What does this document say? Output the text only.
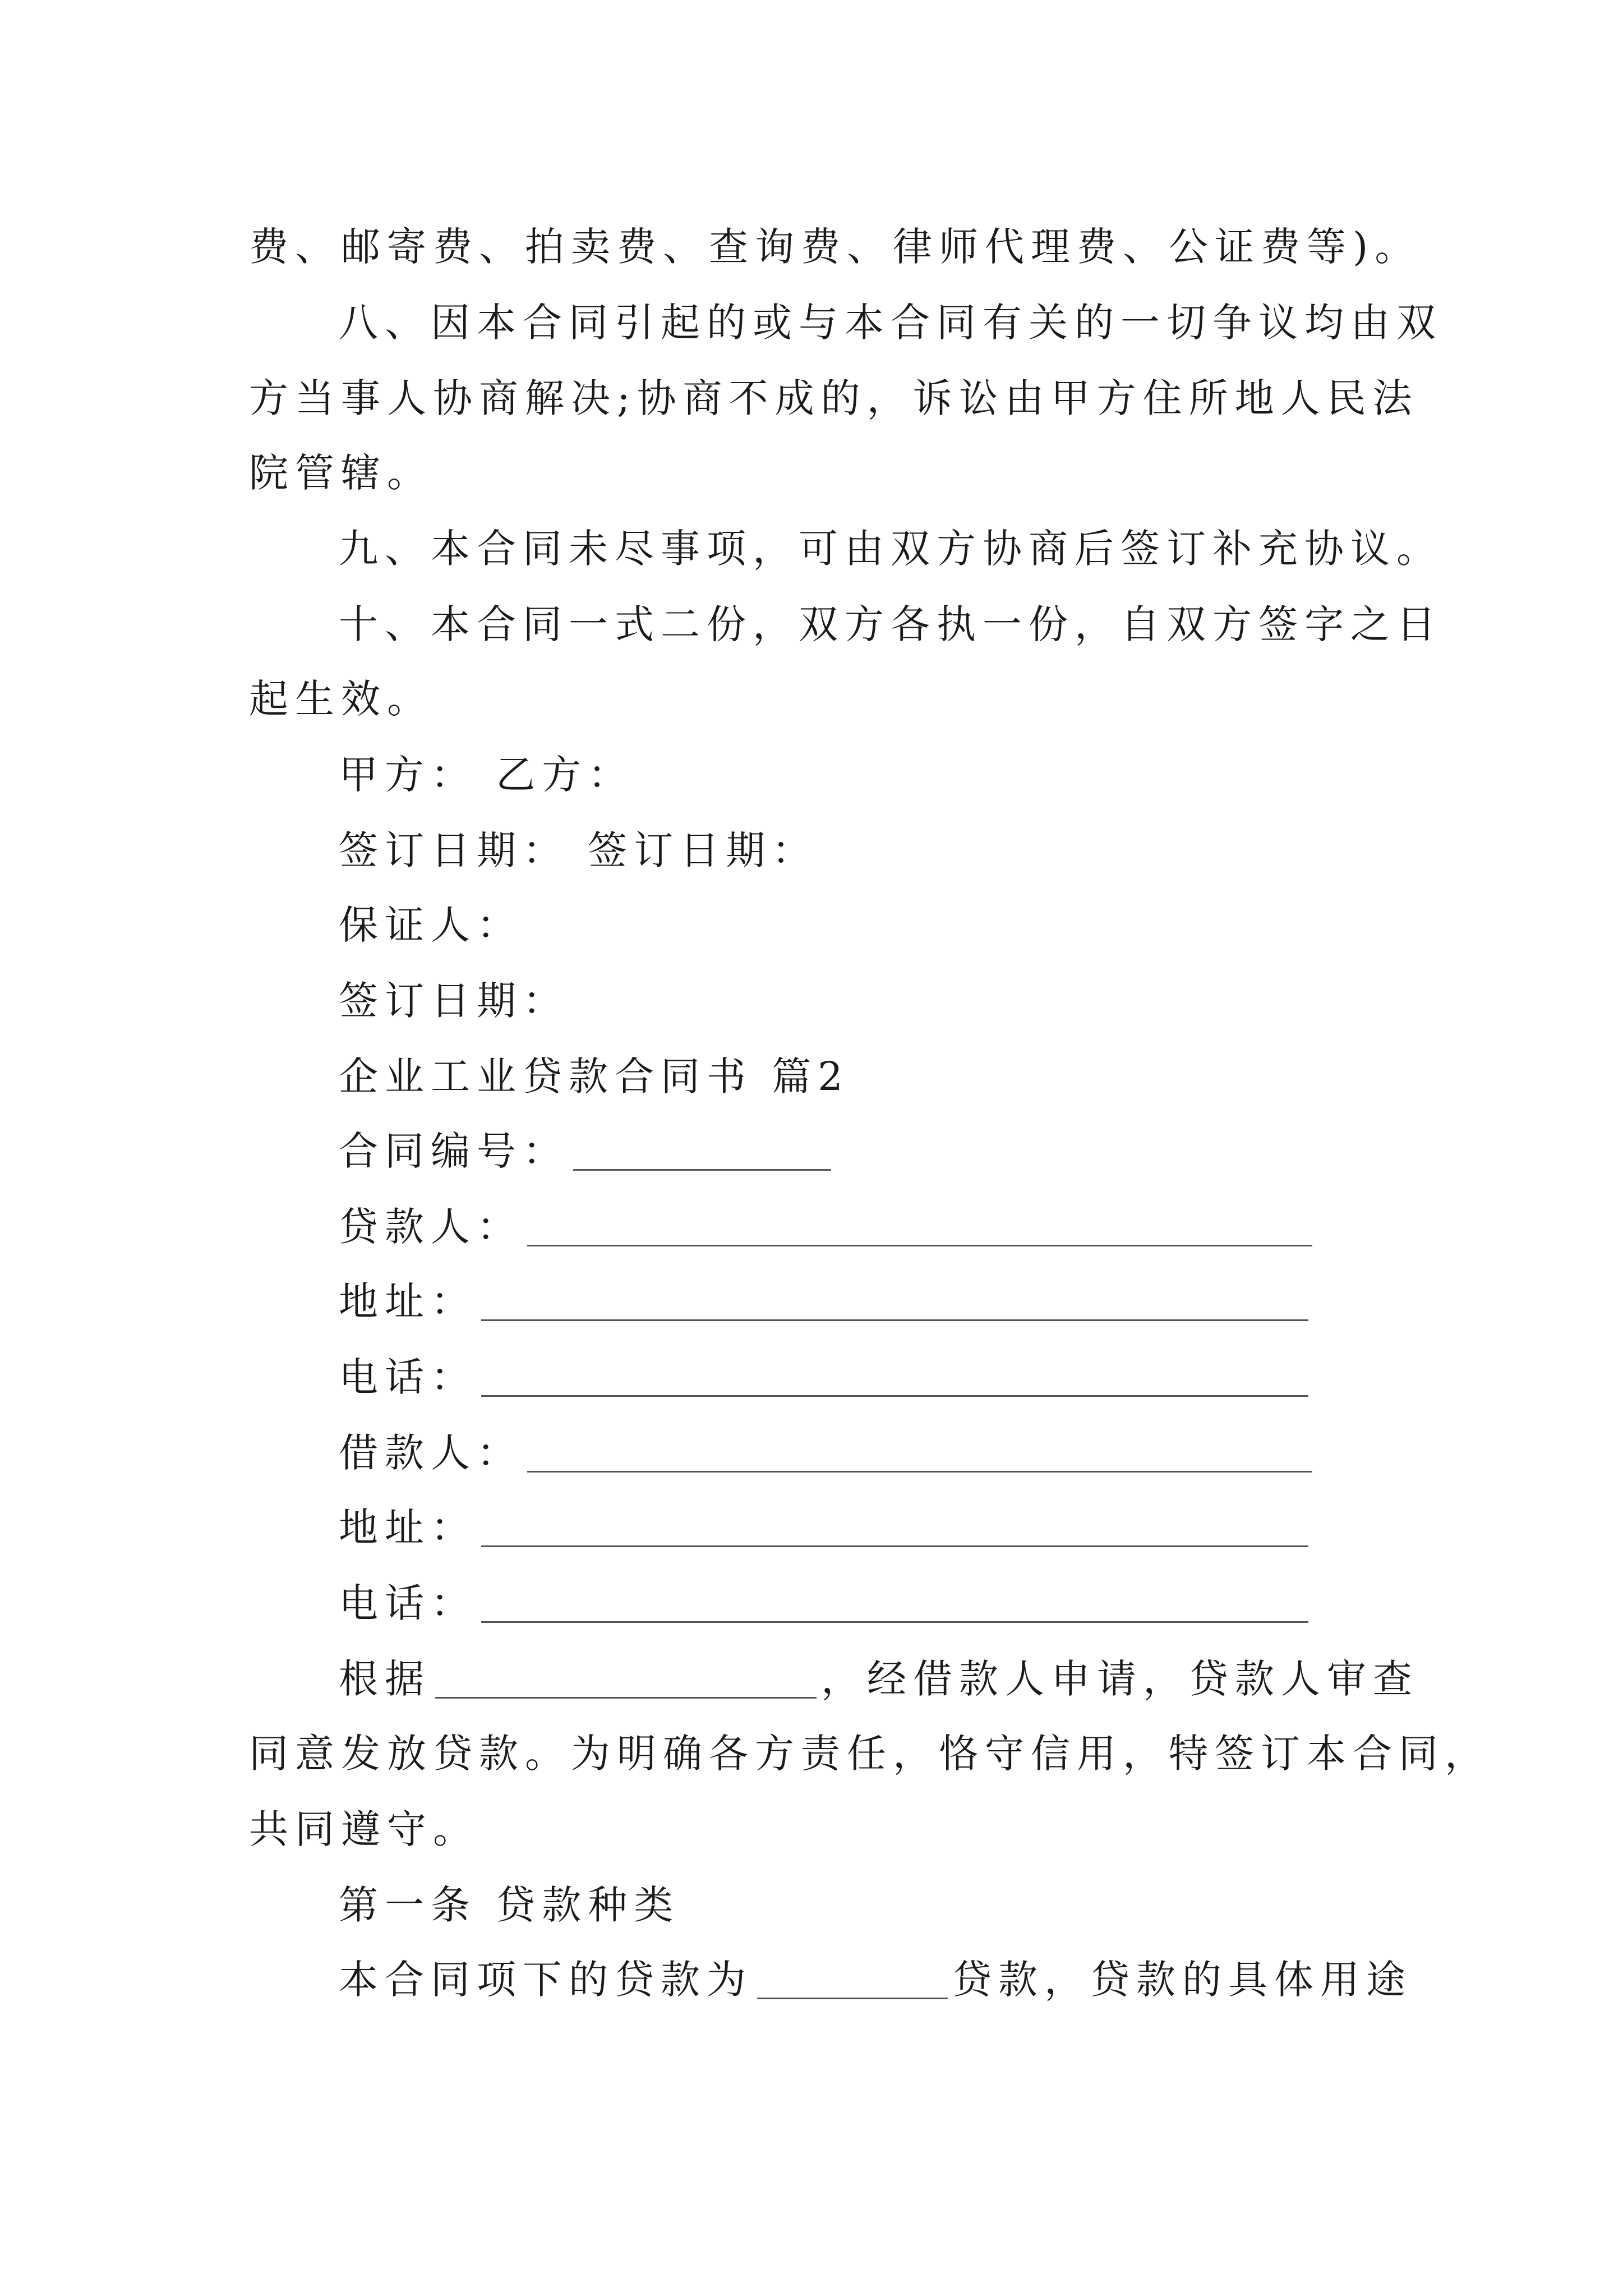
费、邮寄费、拍卖费、查询费、律师代理费、公证费等)。
八、因本合同引起的或与本合同有关的一切争议均由双
方当事人协商解决;协商不成的，诉讼由甲方住所地人民法
院管辖。
九、本合同未尽事项，可由双方协商后签订补充协议。
十、本合同一式二份，双方各执一份，自双方签字之日
起生效。
甲方： 乙方：
签订日期： 签订日期：
保证人：
签订日期：
企业工业贷款合同书 篇2
合同编号：
贷款人：
地址：
电话：
借款人：
地址：
电话：
根据	，经借款人申请，贷款人审查
同意发放贷款。为明确各方责任，恪守信用，特签订本合同，
共同遵守。
第一条 贷款种类
本合同项下的贷款为	贷款，贷款的具体用途
